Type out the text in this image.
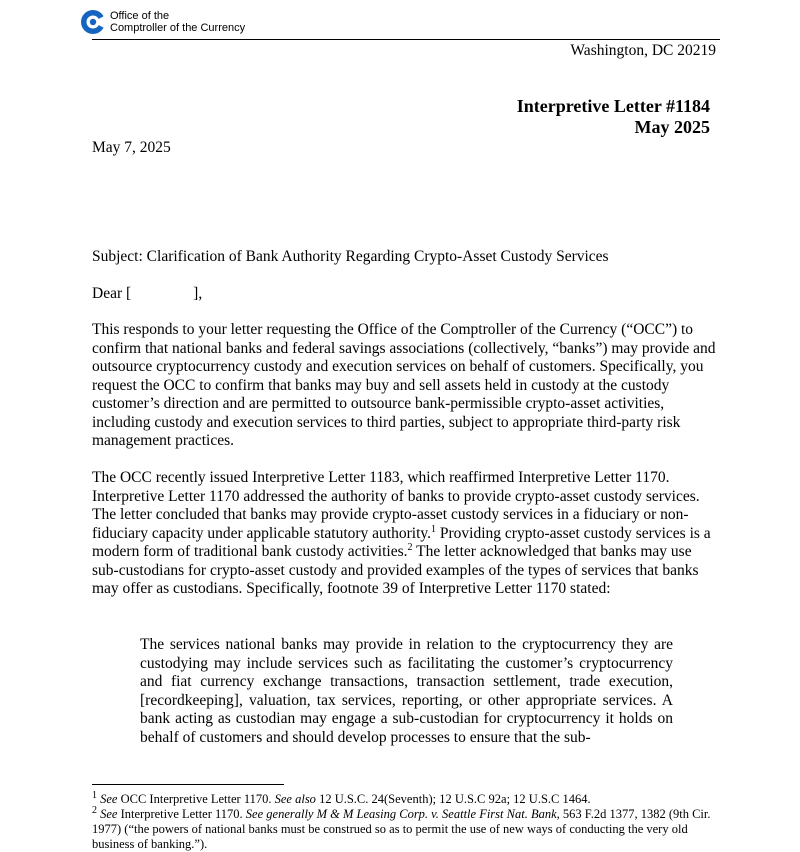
Office of the
Comptroller of the Currency
Washington, DC 20219
Interpretive Letter #1184
May 2025
May 7, 2025
Subject: Clarification of Bank Authority Regarding Crypto-Asset Custody Services
Dear [                ],
This responds to your letter requesting the Office of the Comptroller of the Currency (“OCC”) to confirm that national banks and federal savings associations (collectively, “banks”) may provide and outsource cryptocurrency custody and execution services on behalf of customers. Specifically, you request the OCC to confirm that banks may buy and sell assets held in custody at the custody customer’s direction and are permitted to outsource bank-permissible crypto-asset activities, including custody and execution services to third parties, subject to appropriate third-party risk management practices.
The OCC recently issued Interpretive Letter 1183, which reaffirmed Interpretive Letter 1170. Interpretive Letter 1170 addressed the authority of banks to provide crypto-asset custody services. The letter concluded that banks may provide crypto-asset custody services in a fiduciary or non-fiduciary capacity under applicable statutory authority.$^1$ Providing crypto-asset custody services is a modern form of traditional bank custody activities.$^2$ The letter acknowledged that banks may use sub-custodians for crypto-asset custody and provided examples of the types of services that banks may offer as custodians. Specifically, footnote 39 of Interpretive Letter 1170 stated:
The services national banks may provide in relation to the cryptocurrency they are custodying may include services such as facilitating the customer’s cryptocurrency and fiat currency exchange transactions, transaction settlement, trade execution, [recordkeeping], valuation, tax services, reporting, or other appropriate services. A bank acting as custodian may engage a sub-custodian for cryptocurrency it holds on behalf of customers and should develop processes to ensure that the sub-
$^1$ See OCC Interpretive Letter 1170. See also 12 U.S.C. 24(Seventh); 12 U.S.C 92a; 12 U.S.C 1464.
$^2$ See Interpretive Letter 1170. See generally M & M Leasing Corp. v. Seattle First Nat. Bank, 563 F.2d 1377, 1382 (9th Cir. 1977) (“the powers of national banks must be construed so as to permit the use of new ways of conducting the very old business of banking.”).
